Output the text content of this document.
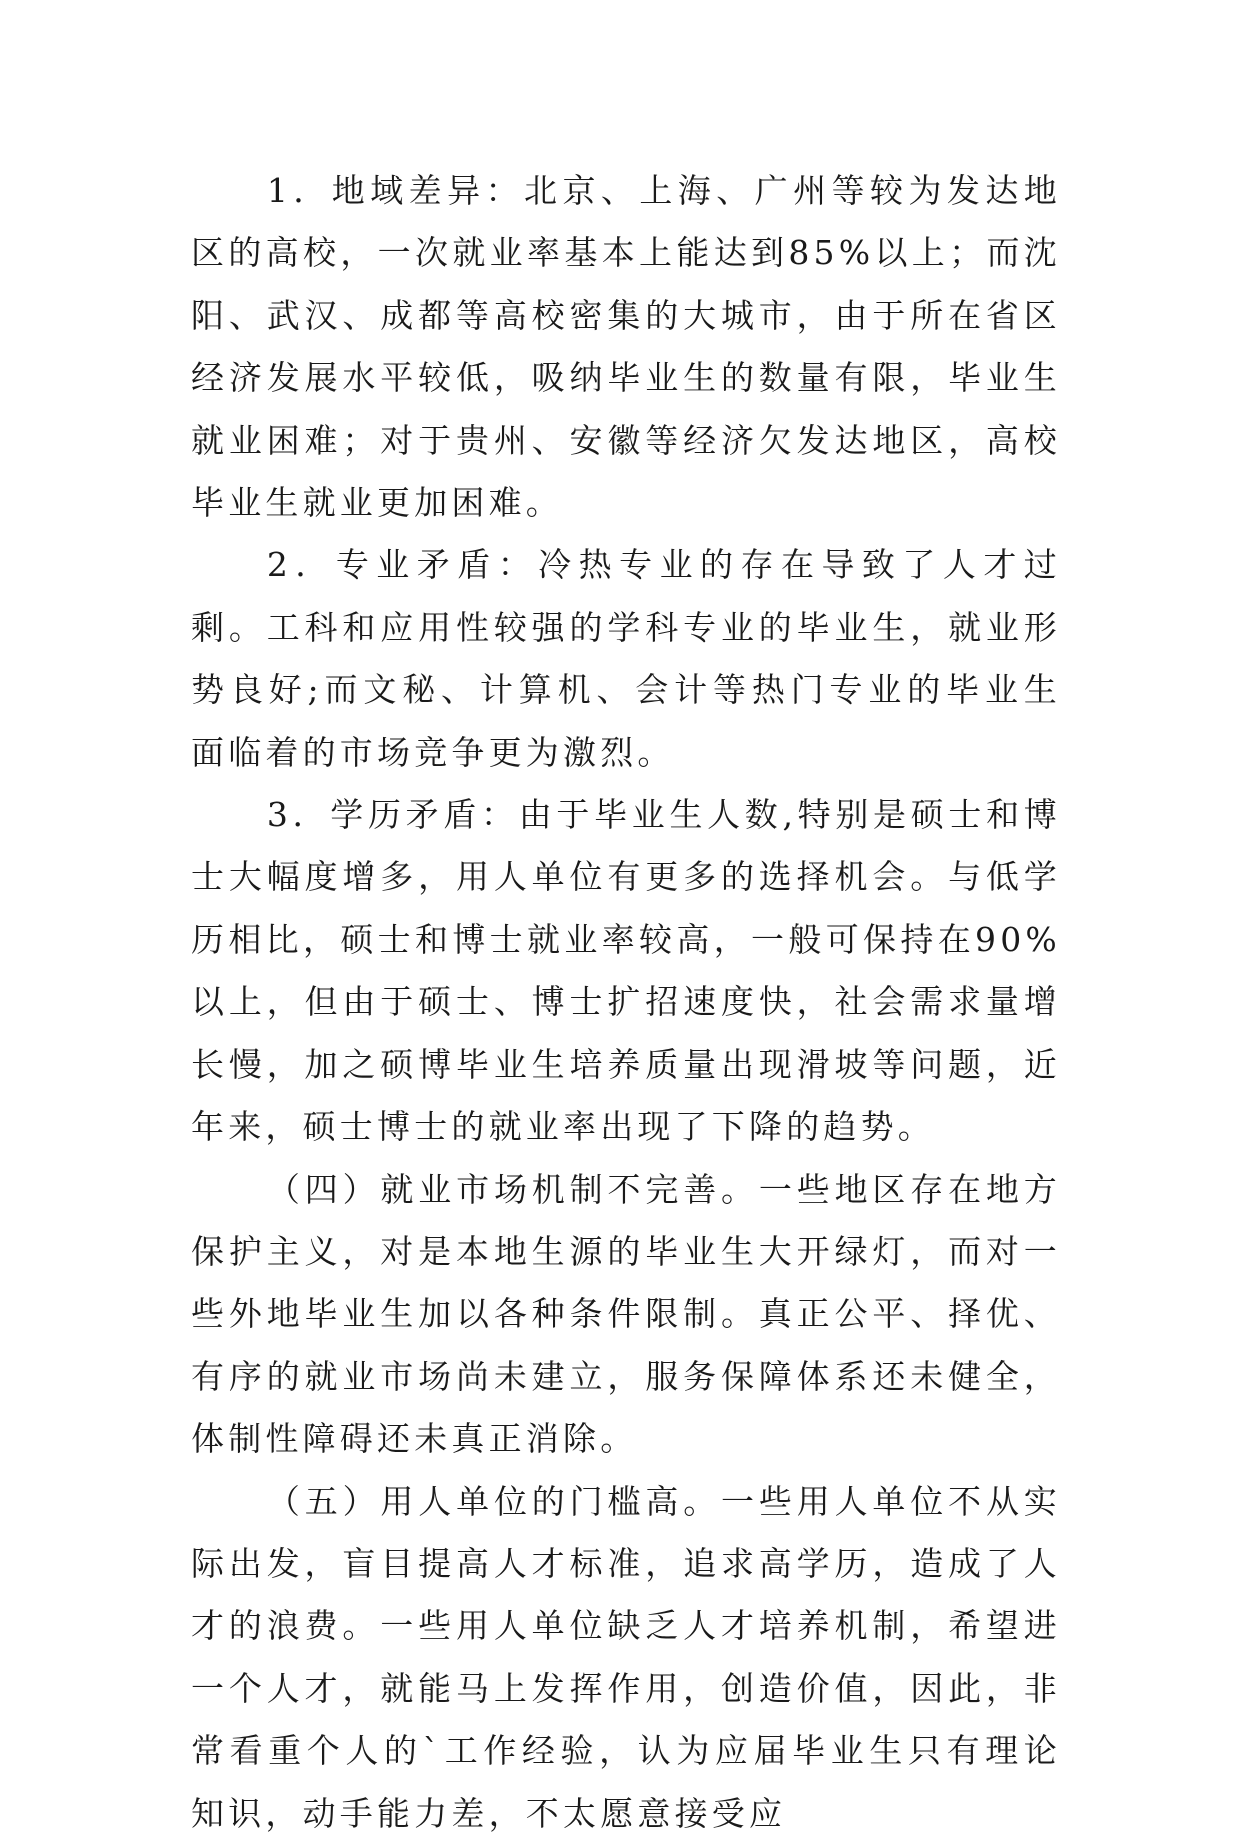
1．地域差异：北京、上海、广州等较为发达地区的高校，一次就业率基本上能达到85%以上；而沈阳、武汉、成都等高校密集的大城市，由于所在省区经济发展水平较低，吸纳毕业生的数量有限，毕业生就业困难；对于贵州、安徽等经济欠发达地区，高校毕业生就业更加困难。

2．专业矛盾：冷热专业的存在导致了人才过剩。工科和应用性较强的学科专业的毕业生，就业形势良好;而文秘、计算机、会计等热门专业的毕业生面临着的市场竞争更为激烈。

3．学历矛盾：由于毕业生人数,特别是硕士和博士大幅度增多，用人单位有更多的选择机会。与低学历相比，硕士和博士就业率较高，一般可保持在90%以上，但由于硕士、博士扩招速度快，社会需求量增长慢，加之硕博毕业生培养质量出现滑坡等问题，近年来，硕士博士的就业率出现了下降的趋势。

（四）就业市场机制不完善。一些地区存在地方保护主义，对是本地生源的毕业生大开绿灯，而对一些外地毕业生加以各种条件限制。真正公平、择优、有序的就业市场尚未建立，服务保障体系还未健全，体制性障碍还未真正消除。

（五）用人单位的门槛高。一些用人单位不从实际出发，盲目提高人才标准，追求高学历，造成了人才的浪费。一些用人单位缺乏人才培养机制，希望进一个人才，就能马上发挥作用，创造价值，因此，非常看重个人的`工作经验，认为应届毕业生只有理论知识，动手能力差，不太愿意接受应
